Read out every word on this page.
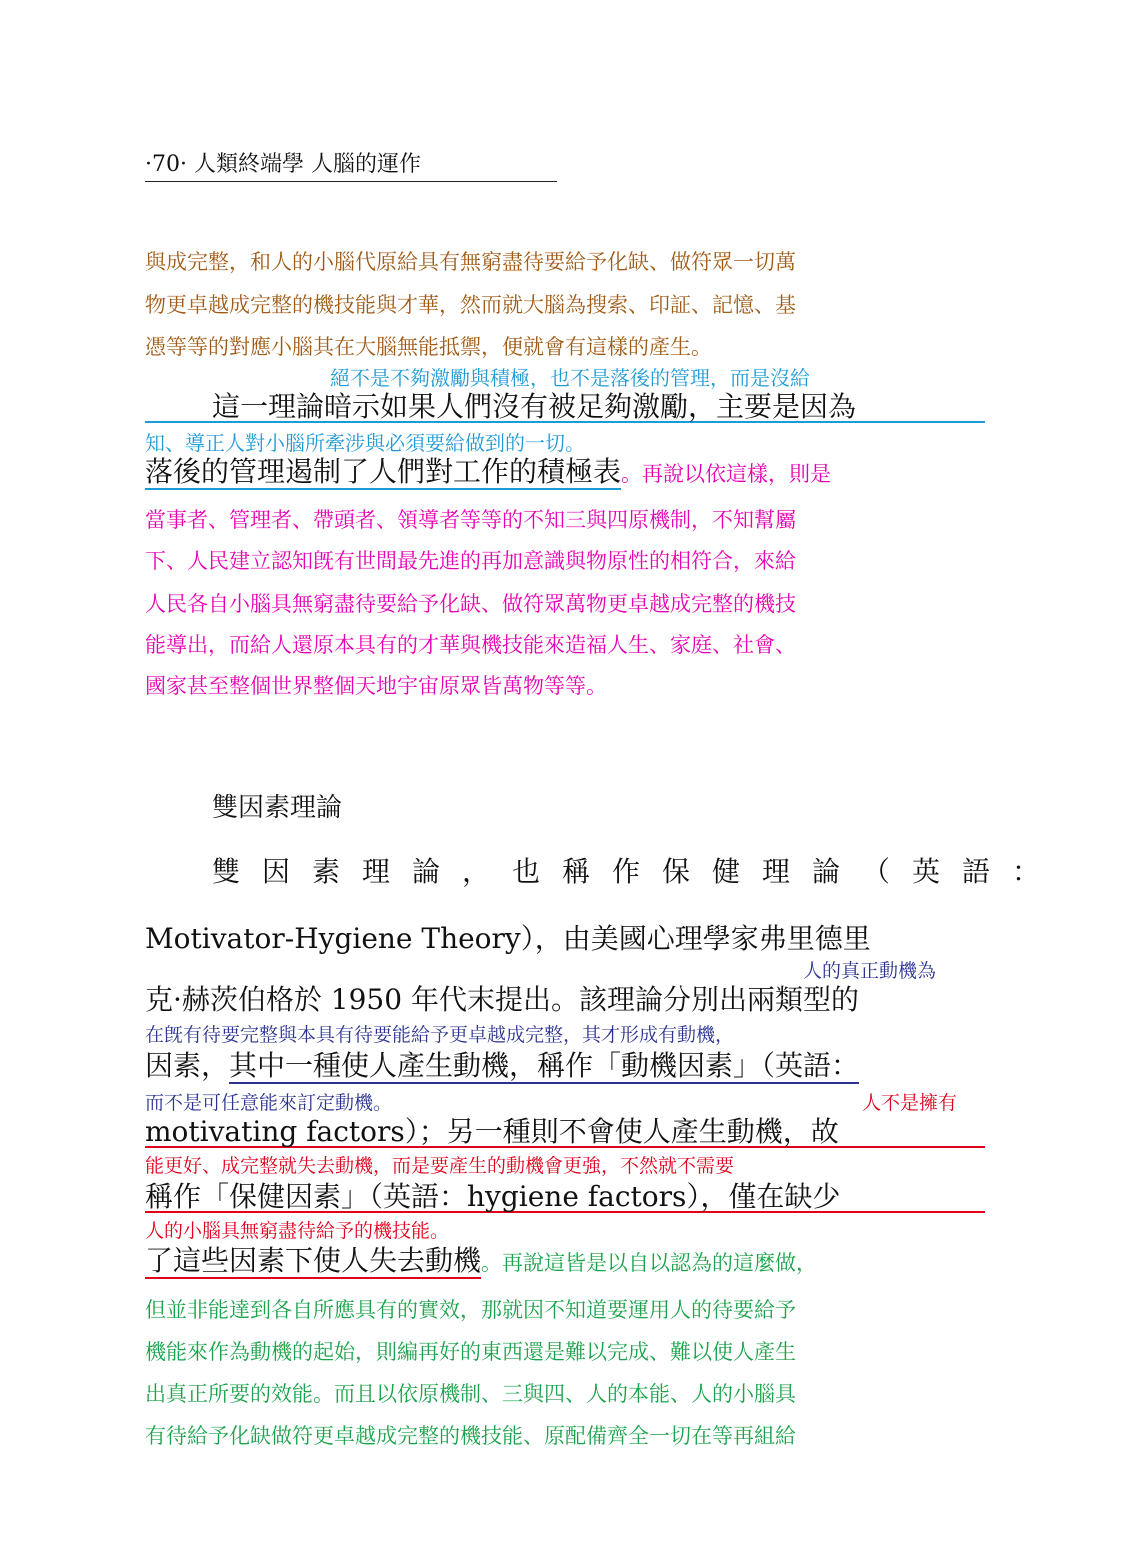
·70· 人類終端學 人腦的運作
與成完整，和人的小腦代原給具有無窮盡待要給予化缺、做符眾一切萬
物更卓越成完整的機技能與才華，然而就大腦為搜索、印証、記憶、基
憑等等的對應小腦其在大腦無能抵禦，便就會有這樣的產生。
絕不是不夠激勵與積極，也不是落後的管理，而是沒給
這一理論暗示如果人們沒有被足夠激勵，主要是因為
知、導正人對小腦所牽涉與必須要給做到的一切。
落後的管理遏制了人們對工作的積極表。再說以依這樣，則是
當事者、管理者、帶頭者、領導者等等的不知三與四原機制，不知幫屬
下、人民建立認知旣有世間最先進的再加意識與物原性的相符合，來給
人民各自小腦具無窮盡待要給予化缺、做符眾萬物更卓越成完整的機技
能導出，而給人還原本具有的才華與機技能來造福人生、家庭、社會、
國家甚至整個世界整個天地宇宙原眾皆萬物等等。
雙因素理論
雙因素理論，也稱作保健理論（英語：
Motivator-Hygiene Theory），由美國心理學家弗里德里
人的真正動機為
克·赫茨伯格於 1950 年代末提出。該理論分別出兩類型的
在旣有待要完整與本具有待要能給予更卓越成完整，其才形成有動機，
因素，其中一種使人產生動機，稱作「動機因素」（英語：
而不是可任意能來訂定動機。	人不是擁有
motivating factors）；另一種則不會使人產生動機，故
能更好、成完整就失去動機，而是要產生的動機會更強，不然就不需要
稱作「保健因素」（英語：hygiene factors），僅在缺少
人的小腦具無窮盡待給予的機技能。
了這些因素下使人失去動機。再說這皆是以自以認為的這麼做，
但並非能達到各自所應具有的實效，那就因不知道要運用人的待要給予
機能來作為動機的起始，則編再好的東西還是難以完成、難以使人產生
出真正所要的效能。而且以依原機制、三與四、人的本能、人的小腦具
有待給予化缺做符更卓越成完整的機技能、原配備齊全一切在等再組給
